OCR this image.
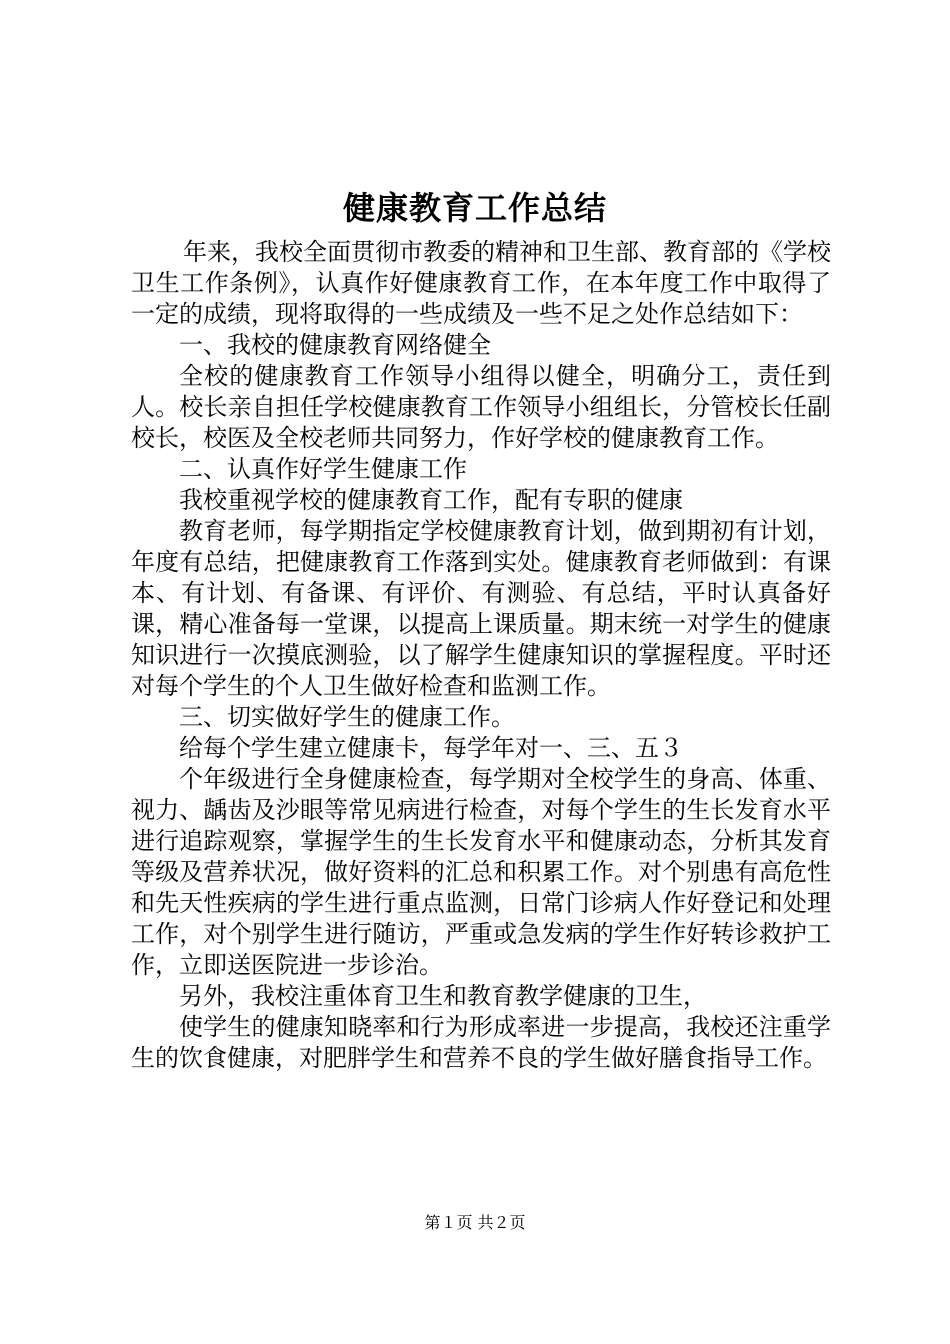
健康教育工作总结

年来，我校全面贯彻市教委的精神和卫生部、教育部的《学校卫生工作条例》，认真作好健康教育工作，在本年度工作中取得了一定的成绩，现将取得的一些成绩及一些不足之处作总结如下：

一、我校的健康教育网络健全

全校的健康教育工作领导小组得以健全，明确分工，责任到人。校长亲自担任学校健康教育工作领导小组组长，分管校长任副校长，校医及全校老师共同努力，作好学校的健康教育工作。

二、认真作好学生健康工作

我校重视学校的健康教育工作，配有专职的健康

教育老师，每学期指定学校健康教育计划，做到期初有计划，年度有总结，把健康教育工作落到实处。健康教育老师做到：有课本、有计划、有备课、有评价、有测验、有总结，平时认真备好课，精心准备每一堂课，以提高上课质量。期末统一对学生的健康知识进行一次摸底测验，以了解学生健康知识的掌握程度。平时还对每个学生的个人卫生做好检查和监测工作。

三、切实做好学生的健康工作。

给每个学生建立健康卡，每学年对一、三、五３

个年级进行全身健康检查，每学期对全校学生的身高、体重、视力、龋齿及沙眼等常见病进行检查，对每个学生的生长发育水平进行追踪观察，掌握学生的生长发育水平和健康动态，分析其发育等级及营养状况，做好资料的汇总和积累工作。对个别患有高危性和先天性疾病的学生进行重点监测，日常门诊病人作好登记和处理工作，对个别学生进行随访，严重或急发病的学生作好转诊救护工作，立即送医院进一步诊治。

另外，我校注重体育卫生和教育教学健康的卫生，

使学生的健康知晓率和行为形成率进一步提高，我校还注重学生的饮食健康，对肥胖学生和营养不良的学生做好膳食指导工作。

第１页 共２页
